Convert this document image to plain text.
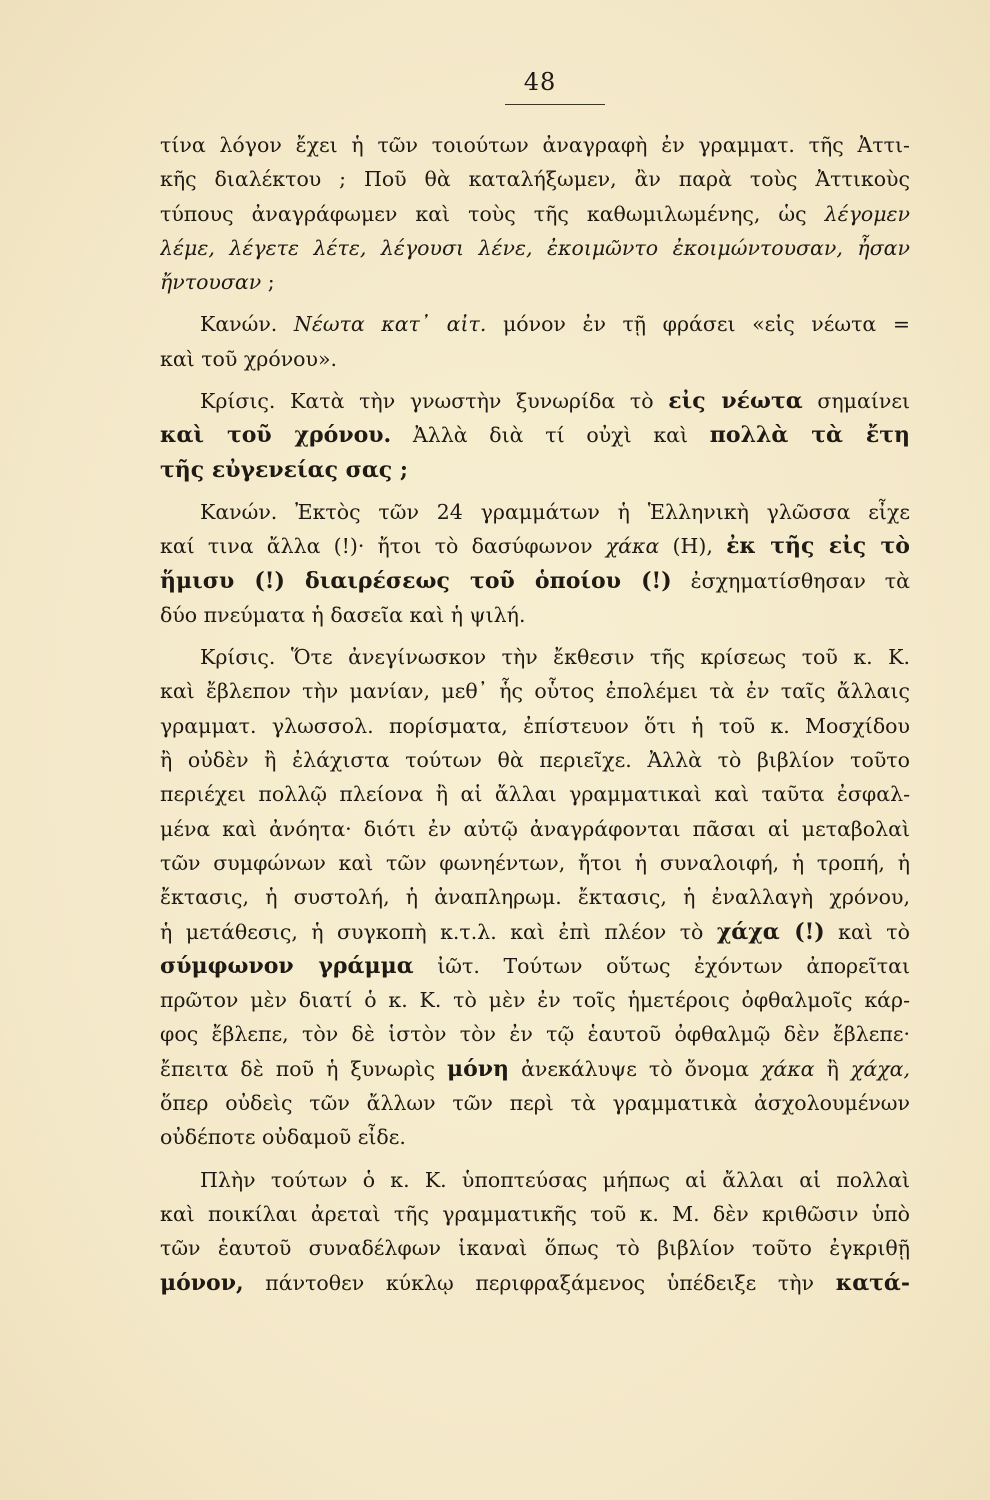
48
τίνα λόγον ἔχει ἡ τῶν τοιούτων ἀναγραφὴ ἐν γραμματ. τῆς Ἀττι-
κῆς διαλέκτου ; Ποῦ θὰ καταλήξωμεν, ἂν παρὰ τοὺς Ἀττικοὺς
τύπους ἀναγράφωμεν καὶ τοὺς τῆς καθωμιλωμένης, ὡς λέγομεν
λέμε, λέγετε λέτε, λέγουσι λένε, ἐκοιμῶντο ἐκοιμώντουσαν, ἦσαν
ἤντουσαν ;
Κανών. Νέωτα κατ᾿ αἰτ. μόνον ἐν τῇ φράσει «εἰς νέωτα =
καὶ τοῦ χρόνου».
Κρίσις. Κατὰ τὴν γνωστὴν ξυνωρίδα τὸ εἰς νέωτα σημαίνει
καὶ τοῦ χρόνου. Ἀλλὰ διὰ τί οὐχὶ καὶ πολλὰ τὰ ἔτη
τῆς εὐγενείας σας ;
Κανών. Ἐκτὸς τῶν 24 γραμμάτων ἡ Ἑλληνικὴ γλῶσσα εἶχε
καί τινα ἄλλα (!)· ἤτοι τὸ δασύφωνον χάκα (Η), ἐκ τῆς εἰς τὸ
ἥμισυ (!) διαιρέσεως τοῦ ὁποίου (!) ἐσχηματίσθησαν τὰ
δύο πνεύματα ἡ δασεῖα καὶ ἡ ψιλή.
Κρίσις. Ὅτε ἀνεγίνωσκον τὴν ἔκθεσιν τῆς κρίσεως τοῦ κ. Κ.
καὶ ἔβλεπον τὴν μανίαν, μεθ᾿ ἧς οὗτος ἐπολέμει τὰ ἐν ταῖς ἄλλαις
γραμματ. γλωσσολ. πορίσματα, ἐπίστευον ὅτι ἡ τοῦ κ. Μοσχίδου
ἢ οὐδὲν ἢ ἐλάχιστα τούτων θὰ περιεῖχε. Ἀλλὰ τὸ βιβλίον τοῦτο
περιέχει πολλῷ πλείονα ἢ αἱ ἄλλαι γραμματικαὶ καὶ ταῦτα ἐσφαλ-
μένα καὶ ἀνόητα· διότι ἐν αὐτῷ ἀναγράφονται πᾶσαι αἱ μεταβολαὶ
τῶν συμφώνων καὶ τῶν φωνηέντων, ἤτοι ἡ συναλοιφή, ἡ τροπή, ἡ
ἔκτασις, ἡ συστολή, ἡ ἀναπληρωμ. ἔκτασις, ἡ ἐναλλαγὴ χρόνου,
ἡ μετάθεσις, ἡ συγκοπὴ κ.τ.λ. καὶ ἐπὶ πλέον τὸ χάχα (!) καὶ τὸ
σύμφωνον γράμμα ἰῶτ. Τούτων οὕτως ἐχόντων ἀπορεῖται
πρῶτον μὲν διατί ὁ κ. Κ. τὸ μὲν ἐν τοῖς ἡμετέροις ὀφθαλμοῖς κάρ-
φος ἔβλεπε, τὸν δὲ ἱστὸν τὸν ἐν τῷ ἑαυτοῦ ὀφθαλμῷ δὲν ἔβλεπε·
ἔπειτα δὲ ποῦ ἡ ξυνωρὶς μόνη ἀνεκάλυψε τὸ ὄνομα χάκα ἢ χάχα,
ὅπερ οὐδεὶς τῶν ἄλλων τῶν περὶ τὰ γραμματικὰ ἀσχολουμένων
οὐδέποτε οὐδαμοῦ εἶδε.
Πλὴν τούτων ὁ κ. Κ. ὑποπτεύσας μήπως αἱ ἄλλαι αἱ πολλαὶ
καὶ ποικίλαι ἀρεταὶ τῆς γραμματικῆς τοῦ κ. Μ. δὲν κριθῶσιν ὑπὸ
τῶν ἑαυτοῦ συναδέλφων ἱκαναὶ ὅπως τὸ βιβλίον τοῦτο ἐγκριθῇ
μόνον, πάντοθεν κύκλῳ περιφραξάμενος ὑπέδειξε τὴν κατά-
